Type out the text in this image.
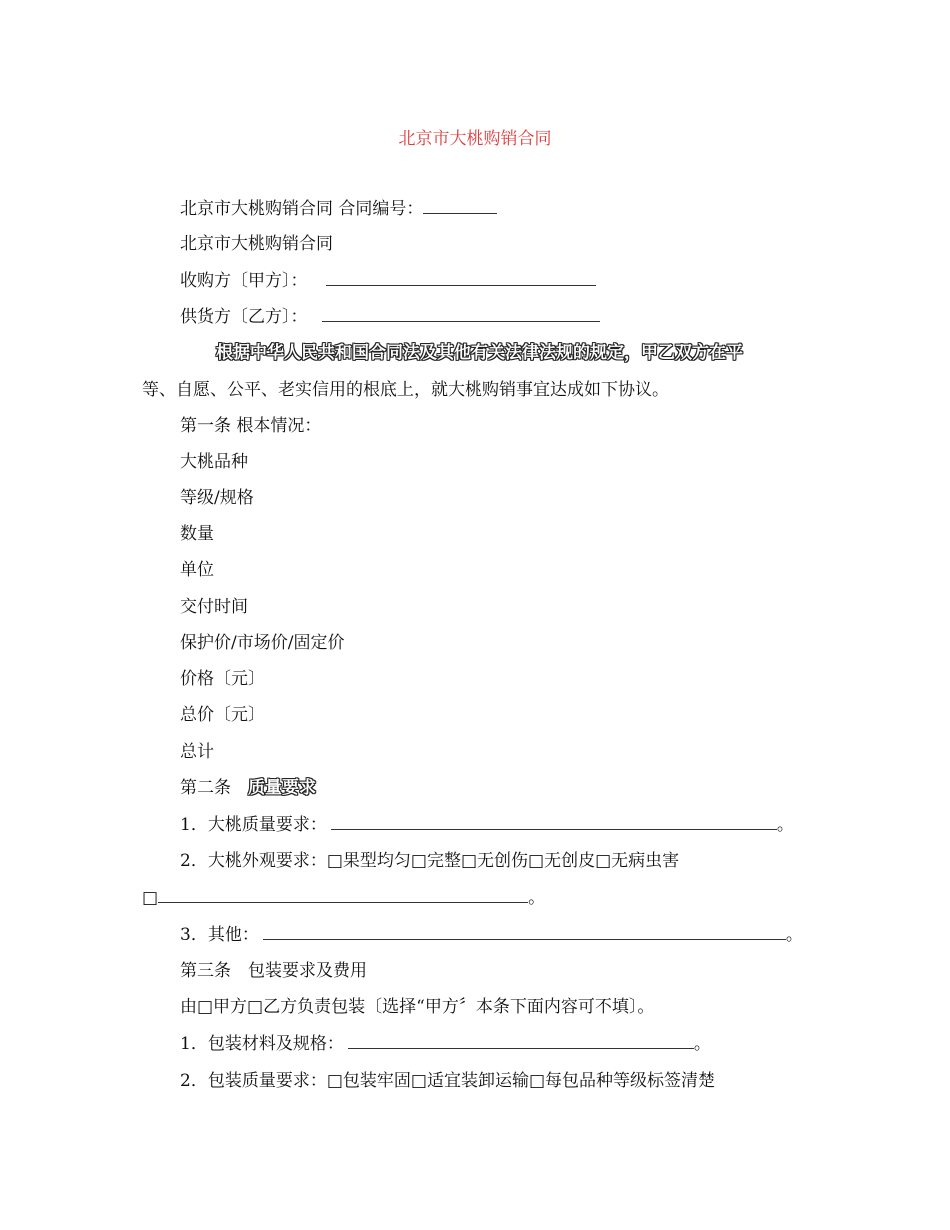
北京市大桃购销合同
北京市大桃购销合同 合同编号：
北京市大桃购销合同
收购方〔甲方〕：
供货方〔乙方〕：
根据中华人民共和国合同法及其他有关法律法规的规定，甲乙双方在平
等、自愿、公平、老实信用的根底上，就大桃购销事宜达成如下协议。
第一条 根本情况：
大桃品种
等级/规格
数量
单位
交付时间
保护价/市场价/固定价
价格〔元〕
总价〔元〕
总计
第二条　质量要求
1．大桃质量要求：	。
2．大桃外观要求：□果型均匀□完整□无创伤□无创皮□无病虫害
□	。
3．其他：	。
第三条　包装要求及费用
由□甲方□乙方负责包装〔选择“甲方〞本条下面内容可不填〕。
1．包装材料及规格：	。
2．包装质量要求：□包装牢固□适宜装卸运输□每包品种等级标签清楚
